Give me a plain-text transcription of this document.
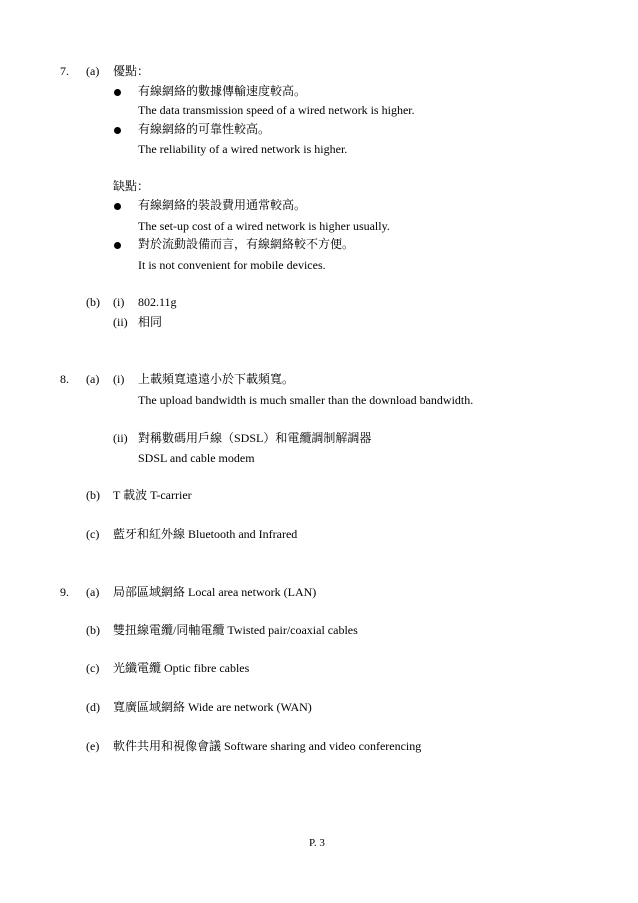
7. (a) 優點：
有線網絡的數據傳輸速度較高。
The data transmission speed of a wired network is higher.
有線網絡的可靠性較高。
The reliability of a wired network is higher.
缺點：
有線網絡的裝設費用通常較高。
The set-up cost of a wired network is higher usually.
對於流動設備而言，有線網絡較不方便。
It is not convenient for mobile devices.
(b) (i) 802.11g
(ii) 相同
8. (a) (i) 上載頻寬遠遠小於下載頻寬。
The upload bandwidth is much smaller than the download bandwidth.
(ii) 對稱數碼用戶線（SDSL）和電纜調制解調器
SDSL and cable modem
(b) T 載波 T-carrier
(c) 藍牙和紅外線 Bluetooth and Infrared
9. (a) 局部區域網絡 Local area network (LAN)
(b) 雙扭線電纜/同軸電纜 Twisted pair/coaxial cables
(c) 光纖電纜 Optic fibre cables
(d) 寬廣區域網絡 Wide are network (WAN)
(e) 軟件共用和視像會議 Software sharing and video conferencing
P. 3
